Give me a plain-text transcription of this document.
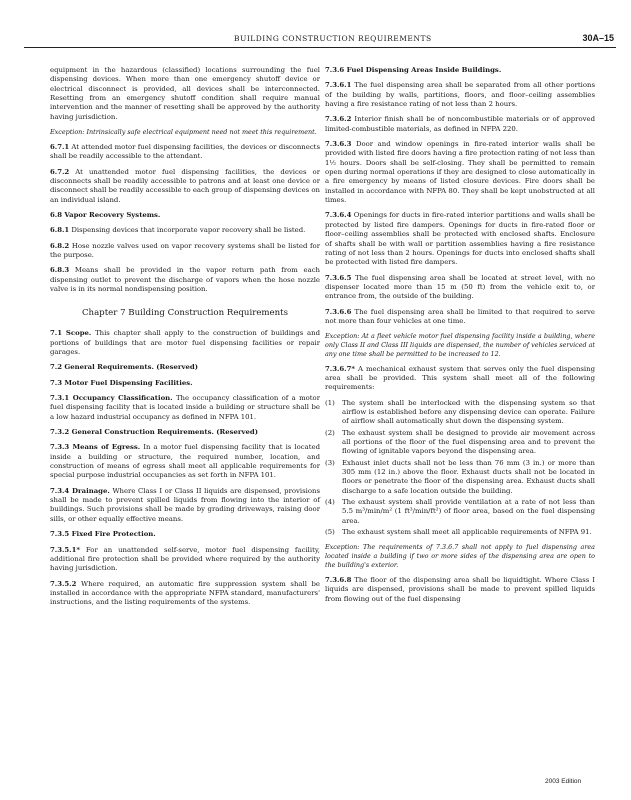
BUILDING CONSTRUCTION REQUIREMENTS	30A–15

equipment in the hazardous (classified) locations surrounding the fuel dispensing devices. When more than one emergency shutoff device or electrical disconnect is provided, all devices shall be interconnected. Resetting from an emergency shutoff condition shall require manual intervention and the manner of resetting shall be approved by the authority having jurisdiction.

Exception: Intrinsically safe electrical equipment need not meet this requirement.

6.7.1 At attended motor fuel dispensing facilities, the devices or disconnects shall be readily accessible to the attendant.

6.7.2 At unattended motor fuel dispensing facilities, the devices or disconnects shall be readily accessible to patrons and at least one device or disconnect shall be readily accessible to each group of dispensing devices on an individual island.

6.8 Vapor Recovery Systems.

6.8.1 Dispensing devices that incorporate vapor recovery shall be listed.

6.8.2 Hose nozzle valves used on vapor recovery systems shall be listed for the purpose.

6.8.3 Means shall be provided in the vapor return path from each dispensing outlet to prevent the discharge of vapors when the hose nozzle valve is in its normal nondispensing position.

Chapter 7 Building Construction Requirements

7.1 Scope. This chapter shall apply to the construction of buildings and portions of buildings that are motor fuel dispensing facilities or repair garages.

7.2 General Requirements. (Reserved)

7.3 Motor Fuel Dispensing Facilities.

7.3.1 Occupancy Classification. The occupancy classification of a motor fuel dispensing facility that is located inside a building or structure shall be a low hazard industrial occupancy as defined in NFPA 101.

7.3.2 General Construction Requirements. (Reserved)

7.3.3 Means of Egress. In a motor fuel dispensing facility that is located inside a building or structure, the required number, location, and construction of means of egress shall meet all applicable requirements for special purpose industrial occupancies as set forth in NFPA 101.

7.3.4 Drainage. Where Class I or Class II liquids are dispensed, provisions shall be made to prevent spilled liquids from flowing into the interior of buildings. Such provisions shall be made by grading driveways, raising door sills, or other equally effective means.

7.3.5 Fixed Fire Protection.

7.3.5.1* For an unattended self-serve, motor fuel dispensing facility, additional fire protection shall be provided where required by the authority having jurisdiction.

7.3.5.2 Where required, an automatic fire suppression system shall be installed in accordance with the appropriate NFPA standard, manufacturers' instructions, and the listing requirements of the systems.

7.3.6 Fuel Dispensing Areas Inside Buildings.

7.3.6.1 The fuel dispensing area shall be separated from all other portions of the building by walls, partitions, floors, and floor–ceiling assemblies having a fire resistance rating of not less than 2 hours.

7.3.6.2 Interior finish shall be of noncombustible materials or of approved limited-combustible materials, as defined in NFPA 220.

7.3.6.3 Door and window openings in fire-rated interior walls shall be provided with listed fire doors having a fire protection rating of not less than 1½ hours. Doors shall be self-closing. They shall be permitted to remain open during normal operations if they are designed to close automatically in a fire emergency by means of listed closure devices. Fire doors shall be installed in accordance with NFPA 80. They shall be kept unobstructed at all times.

7.3.6.4 Openings for ducts in fire-rated interior partitions and walls shall be protected by listed fire dampers. Openings for ducts in fire-rated floor or floor–ceiling assemblies shall be protected with enclosed shafts. Enclosure of shafts shall be with wall or partition assemblies having a fire resistance rating of not less than 2 hours. Openings for ducts into enclosed shafts shall be protected with listed fire dampers.

7.3.6.5 The fuel dispensing area shall be located at street level, with no dispenser located more than 15 m (50 ft) from the vehicle exit to, or entrance from, the outside of the building.

7.3.6.6 The fuel dispensing area shall be limited to that required to serve not more than four vehicles at one time.

Exception: At a fleet vehicle motor fuel dispensing facility inside a building, where only Class II and Class III liquids are dispensed, the number of vehicles serviced at any one time shall be permitted to be increased to 12.

7.3.6.7* A mechanical exhaust system that serves only the fuel dispensing area shall be provided. This system shall meet all of the following requirements:

(1) The system shall be interlocked with the dispensing system so that airflow is established before any dispensing device can operate. Failure of airflow shall automatically shut down the dispensing system.
(2) The exhaust system shall be designed to provide air movement across all portions of the floor of the fuel dispensing area and to prevent the flowing of ignitable vapors beyond the dispensing area.
(3) Exhaust inlet ducts shall not be less than 76 mm (3 in.) or more than 305 mm (12 in.) above the floor. Exhaust ducts shall not be located in floors or penetrate the floor of the dispensing area. Exhaust ducts shall discharge to a safe location outside the building.
(4) The exhaust system shall provide ventilation at a rate of not less than 5.5 m³/min/m² (1 ft³/min/ft²) of floor area, based on the fuel dispensing area.
(5) The exhaust system shall meet all applicable requirements of NFPA 91.

Exception: The requirements of 7.3.6.7 shall not apply to fuel dispensing area located inside a building if two or more sides of the dispensing area are open to the building's exterior.

7.3.6.8 The floor of the dispensing area shall be liquidtight. Where Class I liquids are dispensed, provisions shall be made to prevent spilled liquids from flowing out of the fuel dispensing

2003 Edition
